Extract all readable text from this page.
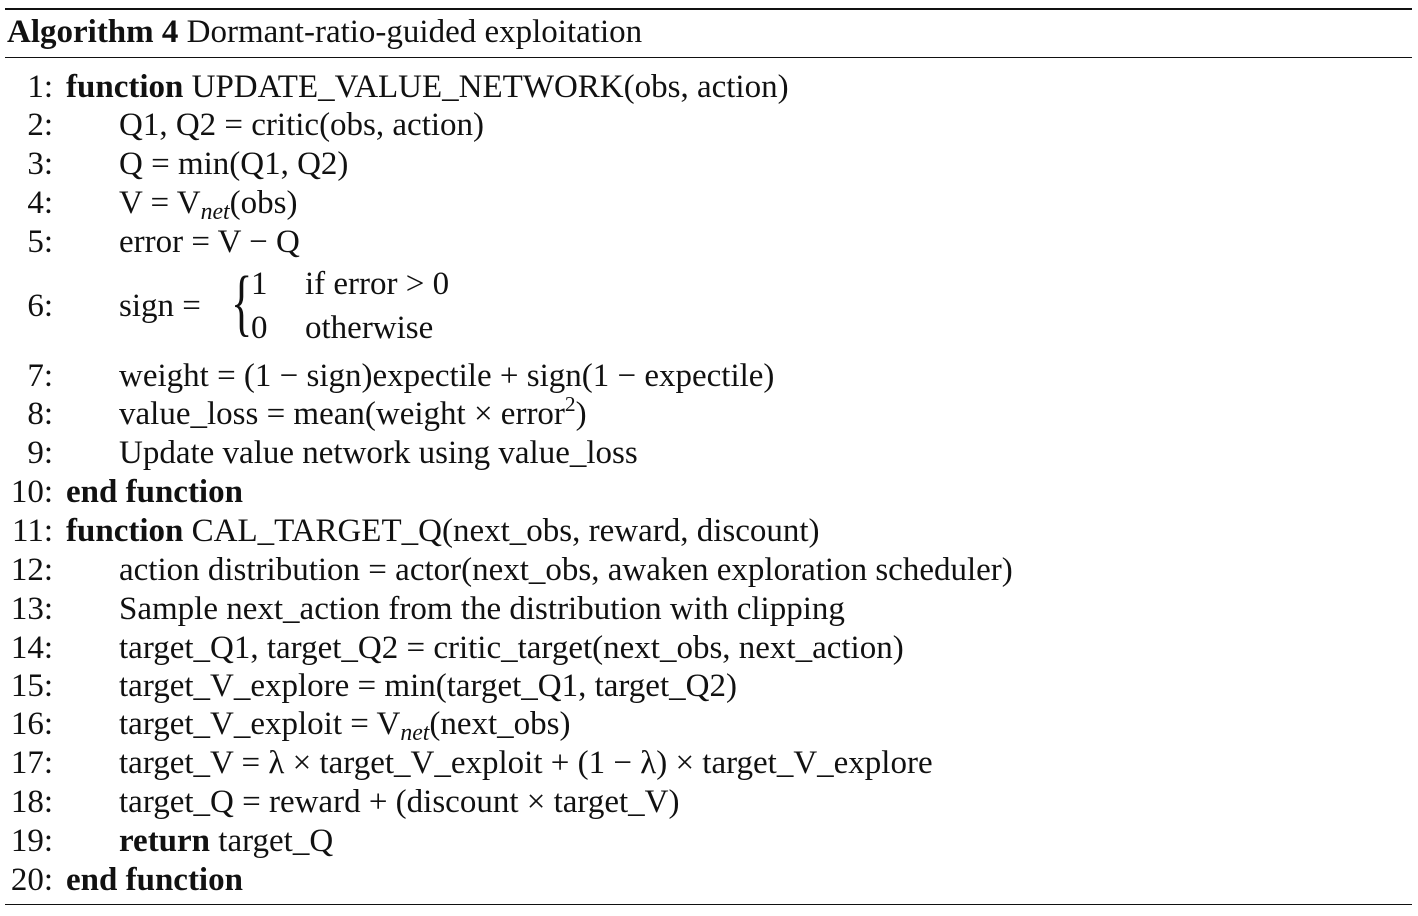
Algorithm 4 Dormant-ratio-guided exploitation
1: function UPDATE_VALUE_NETWORK(obs, action)
2: Q1, Q2 = critic(obs, action)
3: Q = min(Q1, Q2)
4: $V = V_{net}(obs)$
5: error = V − Q
6: sign = {
1 if error > 0
0 otherwise
7: weight = (1 − sign)expectile + sign(1 − expectile)
8: value_loss = mean(weight × error$^2$)
9: Update value network using value_loss
10: end function
11: function CAL_TARGET_Q(next_obs, reward, discount)
12: action distribution = actor(next_obs, awaken exploration scheduler)
13: Sample next_action from the distribution with clipping
14: target_Q1, target_Q2 = critic_target(next_obs, next_action)
15: target_V_explore = min(target_Q1, target_Q2)
16: target_V_exploit = $V_{net}(next\_obs)$
17: target_V = λ × target_V_exploit + (1 − λ) × target_V_explore
18: target_Q = reward + (discount × target_V)
19: return target_Q
20: end function
